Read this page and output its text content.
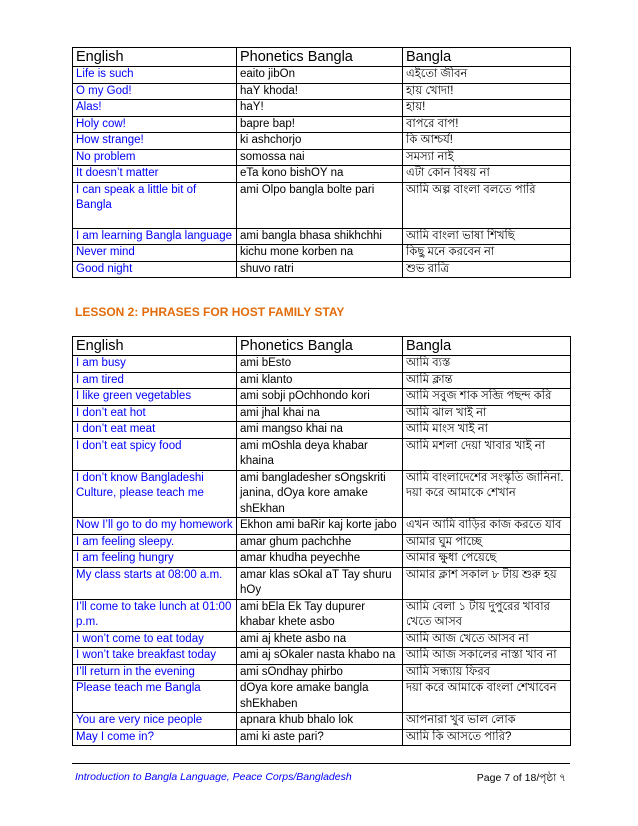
English	Phonetics Bangla	Bangla
Life is such	eaito jibOn	এইতো জীবন
O my God!	haY khoda!	হায় খোদা!
Alas!	haY!	হায়!
Holy cow!	bapre bap!	বাপরে বাপ!
How strange!	ki ashchorjo	কি আশ্চর্য!
No problem	somossa nai	সমস্যা নাই
It doesn’t matter	eTa kono bishOY na	এটা কোন বিষয় না
I can speak a little bit of Bangla	ami Olpo bangla bolte pari	আমি অল্প বাংলা বলতে পারি
I am learning Bangla language	ami bangla bhasa shikhchhi	আমি বাংলা ভাষা শিখছি
Never mind	kichu mone korben na	কিছু মনে করবেন না
Good night	shuvo ratri	শুভ রাত্রি
LESSON 2: PHRASES FOR HOST FAMILY STAY
English	Phonetics Bangla	Bangla
I am busy	ami bEsto	আমি ব্যস্ত
I am tired	ami klanto	আমি ক্লান্ত
I like green vegetables	ami sobji pOchhondo kori	আমি সবুজ শাক সব্জি পছন্দ করি
I don’t eat hot	ami jhal khai na	আমি ঝাল খাই না
I don’t eat meat	ami mangso khai na	আমি মাংস খাই না
I don’t eat spicy food	ami mOshla deya khabar khaina	আমি মশলা দেয়া খাবার খাই না
I don’t know Bangladeshi Culture, please teach me	ami bangladesher sOngskriti janina, dOya kore amake shEkhan	আমি বাংলাদেশের সংস্কৃতি জানিনা. দয়া করে আমাকে শেখান
Now I’ll go to do my homework	Ekhon ami baRir kaj korte jabo	এখন আমি বাড়ির কাজ করতে যাব
I am feeling sleepy.	amar ghum pachchhe	আমার ঘুম পাচ্ছে
I am feeling hungry	amar khudha peyechhe	আমার ক্ষুধা পেয়েছে
My class starts at 08:00 a.m.	amar klas sOkal aT Tay shuru hOy	আমার ক্লাশ সকাল ৮ টায় শুরু হয়
I’ll come to take lunch at 01:00 p.m.	ami bEla Ek Tay dupurer khabar khete asbo	আমি বেলা ১ টায় দুপুরের খাবার খেতে আসব
I won’t come to eat today	ami aj khete asbo na	আমি আজ খেতে আসব না
I won’t take breakfast today	ami aj sOkaler nasta khabo na	আমি আজ সকালের নাস্তা খাব না
I’ll return in the evening	ami sOndhay phirbo	আমি সন্ধ্যায় ফিরব
Please teach me Bangla	dOya kore amake bangla shEkhaben	দয়া করে আমাকে বাংলা শেখাবেন
You are very nice people	apnara khub bhalo lok	আপনারা খুব ভাল লোক
May I come in?	ami ki aste pari?	আমি কি আসতে পারি?
Introduction to Bangla Language, Peace Corps/Bangladesh	Page 7 of 18/পৃষ্ঠা ৭
